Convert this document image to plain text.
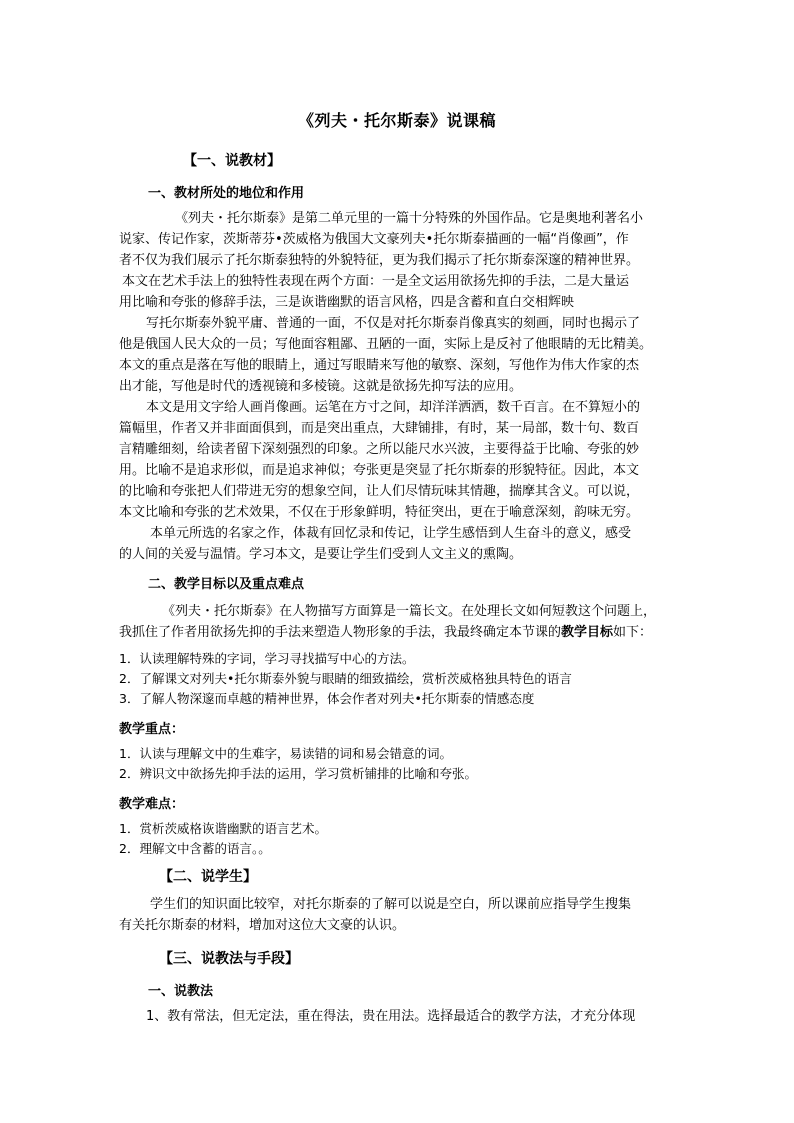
《列夫・托尔斯泰》说课稿
【一、说教材】
一、教材所处的地位和作用
《列夫・托尔斯泰》是第二单元里的一篇十分特殊的外国作品。它是奥地利著名小
说家、传记作家，茨斯蒂芬•茨威格为俄国大文豪列夫•托尔斯泰描画的一幅“肖像画”，作
者不仅为我们展示了托尔斯泰独特的外貌特征，更为我们揭示了托尔斯泰深邃的精神世界。
本文在艺术手法上的独特性表现在两个方面：一是全文运用欲扬先抑的手法，二是大量运
用比喻和夸张的修辞手法，三是诙谐幽默的语言风格，四是含蓄和直白交相辉映
写托尔斯泰外貌平庸、普通的一面，不仅是对托尔斯泰肖像真实的刻画，同时也揭示了
他是俄国人民大众的一员；写他面容粗鄙、丑陋的一面，实际上是反衬了他眼睛的无比精美。
本文的重点是落在写他的眼睛上，通过写眼睛来写他的敏察、深刻，写他作为伟大作家的杰
出才能，写他是时代的透视镜和多棱镜。这就是欲扬先抑写法的应用。
本文是用文字给人画肖像画。运笔在方寸之间，却洋洋洒洒，数千百言。在不算短小的
篇幅里，作者又并非面面俱到，而是突出重点，大肆铺排，有时，某一局部，数十句、数百
言精雕细刻，给读者留下深刻强烈的印象。之所以能尺水兴波，主要得益于比喻、夸张的妙
用。比喻不是追求形似，而是追求神似；夸张更是突显了托尔斯泰的形貌特征。因此，本文
的比喻和夸张把人们带进无穷的想象空间，让人们尽情玩味其情趣，揣摩其含义。可以说，
本文比喻和夸张的艺术效果，不仅在于形象鲜明，特征突出，更在于喻意深刻，韵味无穷。
本单元所选的名家之作，体裁有回忆录和传记，让学生感悟到人生奋斗的意义，感受
的人间的关爱与温情。学习本文，是要让学生们受到人文主义的熏陶。
二、教学目标以及重点难点
《列夫・托尔斯泰》在人物描写方面算是一篇长文。在处理长文如何短教这个问题上，
我抓住了作者用欲扬先抑的手法来塑造人物形象的手法，我最终确定本节课的教学目标如下：
1．认读理解特殊的字词，学习寻找描写中心的方法。
2．了解课文对列夫•托尔斯泰外貌与眼睛的细致描绘，赏析茨威格独具特色的语言
3．了解人物深邃而卓越的精神世界，体会作者对列夫•托尔斯泰的情感态度
教学重点：
1．认读与理解文中的生难字，易读错的词和易会错意的词。
2．辨识文中欲扬先抑手法的运用，学习赏析铺排的比喻和夸张。
教学难点：
1．赏析茨威格诙谐幽默的语言艺术。
2．理解文中含蓄的语言。。
【二、说学生】
学生们的知识面比较窄，对托尔斯泰的了解可以说是空白，所以课前应指导学生搜集
有关托尔斯泰的材料，增加对这位大文豪的认识。
【三、说教法与手段】
一、说教法
1、教有常法，但无定法，重在得法，贵在用法。选择最适合的教学方法，才充分体现
